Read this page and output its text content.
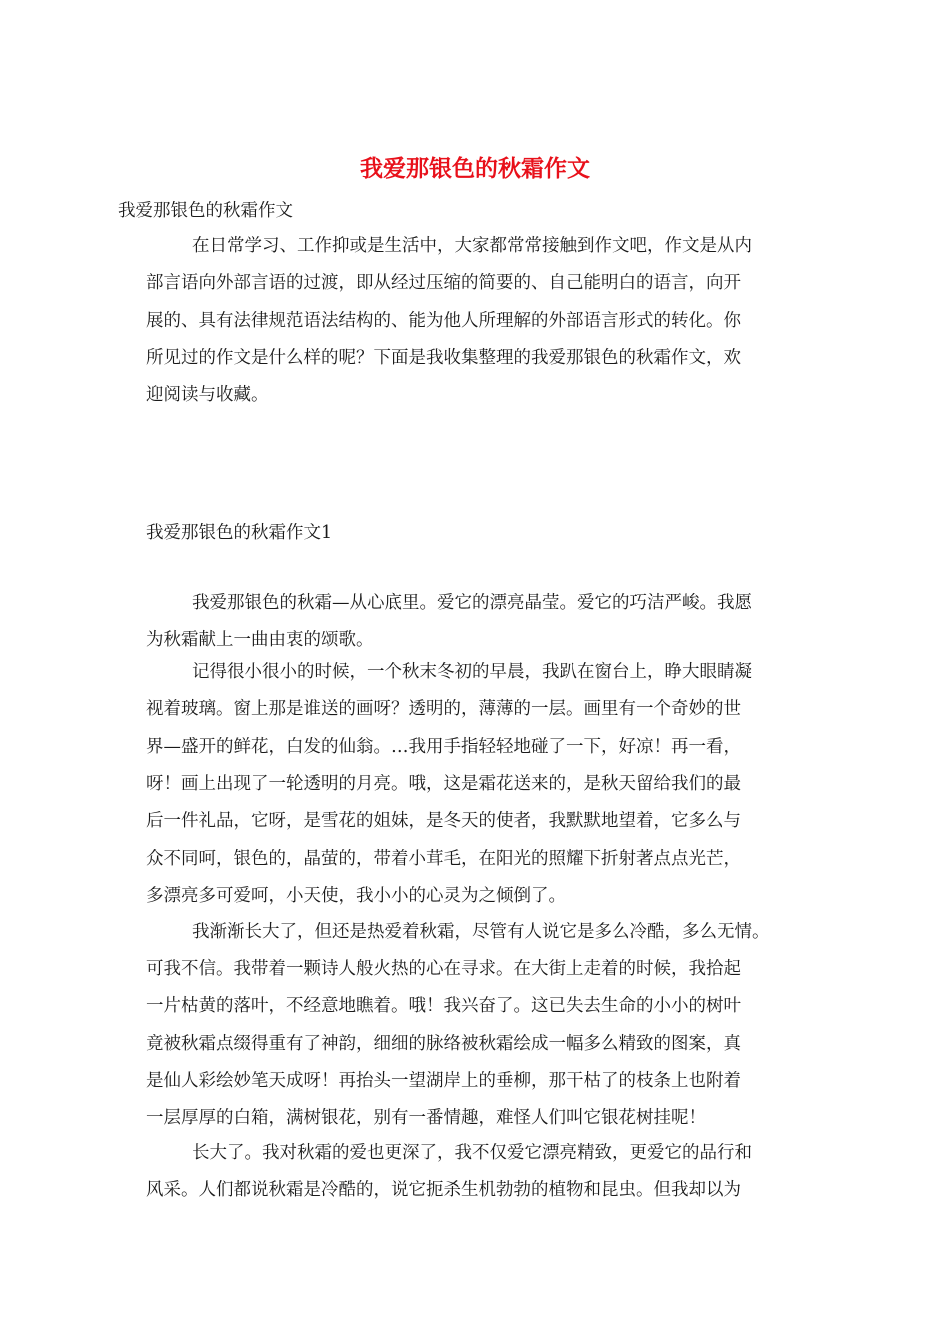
我爱那银色的秋霜作文
我爱那银色的秋霜作文
在日常学习、工作抑或是生活中，大家都常常接触到作文吧，作文是从内
部言语向外部言语的过渡，即从经过压缩的简要的、自己能明白的语言，向开
展的、具有法律规范语法结构的、能为他人所理解的外部语言形式的转化。你
所见过的作文是什么样的呢？下面是我收集整理的我爱那银色的秋霜作文，欢
迎阅读与收藏。
我爱那银色的秋霜作文1
我爱那银色的秋霜—从心底里。爱它的漂亮晶莹。爱它的巧洁严峻。我愿
为秋霜献上一曲由衷的颂歌。
记得很小很小的时候，一个秋末冬初的早晨，我趴在窗台上，睁大眼睛凝
视着玻璃。窗上那是谁送的画呀？透明的，薄薄的一层。画里有一个奇妙的世
界—盛开的鲜花，白发的仙翁。…我用手指轻轻地碰了一下，好凉！再一看，
呀！画上出现了一轮透明的月亮。哦，这是霜花送来的，是秋天留给我们的最
后一件礼品，它呀，是雪花的姐妹，是冬天的使者，我默默地望着，它多么与
众不同呵，银色的，晶萤的，带着小茸毛，在阳光的照耀下折射著点点光芒，
多漂亮多可爱呵，小天使，我小小的心灵为之倾倒了。
我渐渐长大了，但还是热爱着秋霜，尽管有人说它是多么冷酷，多么无情。
可我不信。我带着一颗诗人般火热的心在寻求。在大街上走着的时候，我拾起
一片枯黄的落叶，不经意地瞧着。哦！我兴奋了。这已失去生命的小小的树叶
竟被秋霜点缀得重有了神韵，细细的脉络被秋霜绘成一幅多么精致的图案，真
是仙人彩绘妙笔天成呀！再抬头一望湖岸上的垂柳，那干枯了的枝条上也附着
一层厚厚的白箱，满树银花，别有一番情趣，难怪人们叫它银花树挂呢！
长大了。我对秋霜的爱也更深了，我不仅爱它漂亮精致，更爱它的品行和
风采。人们都说秋霜是冷酷的，说它扼杀生机勃勃的植物和昆虫。但我却以为
